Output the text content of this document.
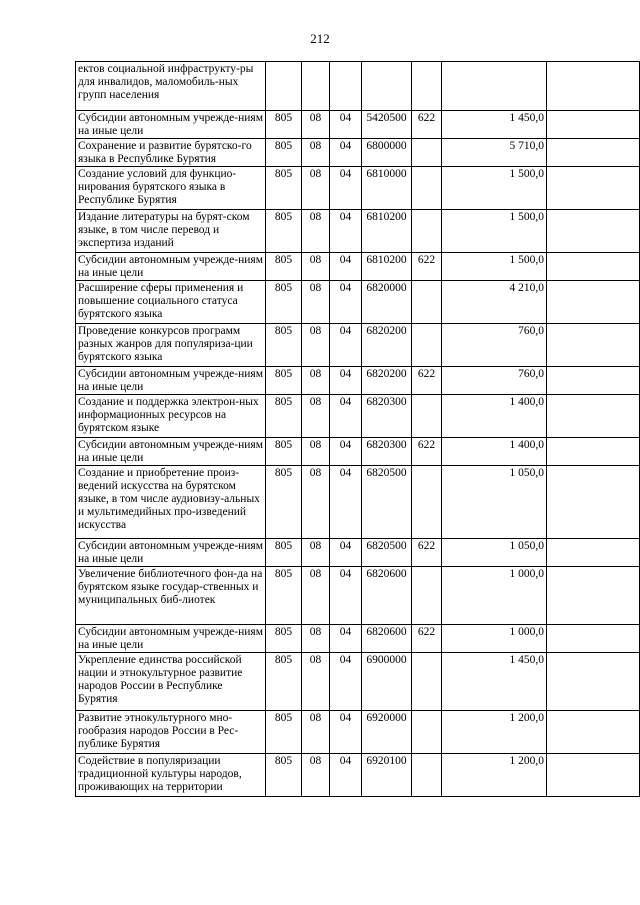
212
ектов социальной инфраструкту-ры для инвалидов, маломобиль-ных групп населения							
Субсидии автономным учрежде-ниям на иные цели	805	08	04	5420500	622	1 450,0	
Сохранение и развитие бурятско-го языка в Республике Бурятия	805	08	04	6800000		5 710,0	
Создание условий для функцио-нирования бурятского языка в Республике Бурятия	805	08	04	6810000		1 500,0	
Издание литературы на бурят-ском языке, в том числе перевод и экспертиза изданий	805	08	04	6810200		1 500,0	
Субсидии автономным учрежде-ниям на иные цели	805	08	04	6810200	622	1 500,0	
Расширение сферы применения и повышение социального статуса бурятского языка	805	08	04	6820000		4 210,0	
Проведение конкурсов программ разных жанров для популяриза-ции бурятского языка	805	08	04	6820200		760,0	
Субсидии автономным учрежде-ниям на иные цели	805	08	04	6820200	622	760,0	
Создание и поддержка электрон-ных информационных ресурсов на бурятском языке	805	08	04	6820300		1 400,0	
Субсидии автономным учрежде-ниям на иные цели	805	08	04	6820300	622	1 400,0	
Создание и приобретение произ-ведений искусства на бурятском языке, в том числе аудиовизу-альных и мультимедийных про-изведений искусства	805	08	04	6820500		1 050,0	
Субсидии автономным учрежде-ниям на иные цели	805	08	04	6820500	622	1 050,0	
Увеличение библиотечного фон-да на бурятском языке государ-ственных и муниципальных биб-лиотек	805	08	04	6820600		1 000,0	
Субсидии автономным учрежде-ниям на иные цели	805	08	04	6820600	622	1 000,0	
Укрепление единства российской нации и этнокультурное развитие народов России в Республике Бурятия	805	08	04	6900000		1 450,0	
Развитие этнокультурного мно-гообразия народов России в Рес-публике Бурятия	805	08	04	6920000		1 200,0	
Содействие в популяризации традиционной культуры народов, проживающих на территории	805	08	04	6920100		1 200,0	
